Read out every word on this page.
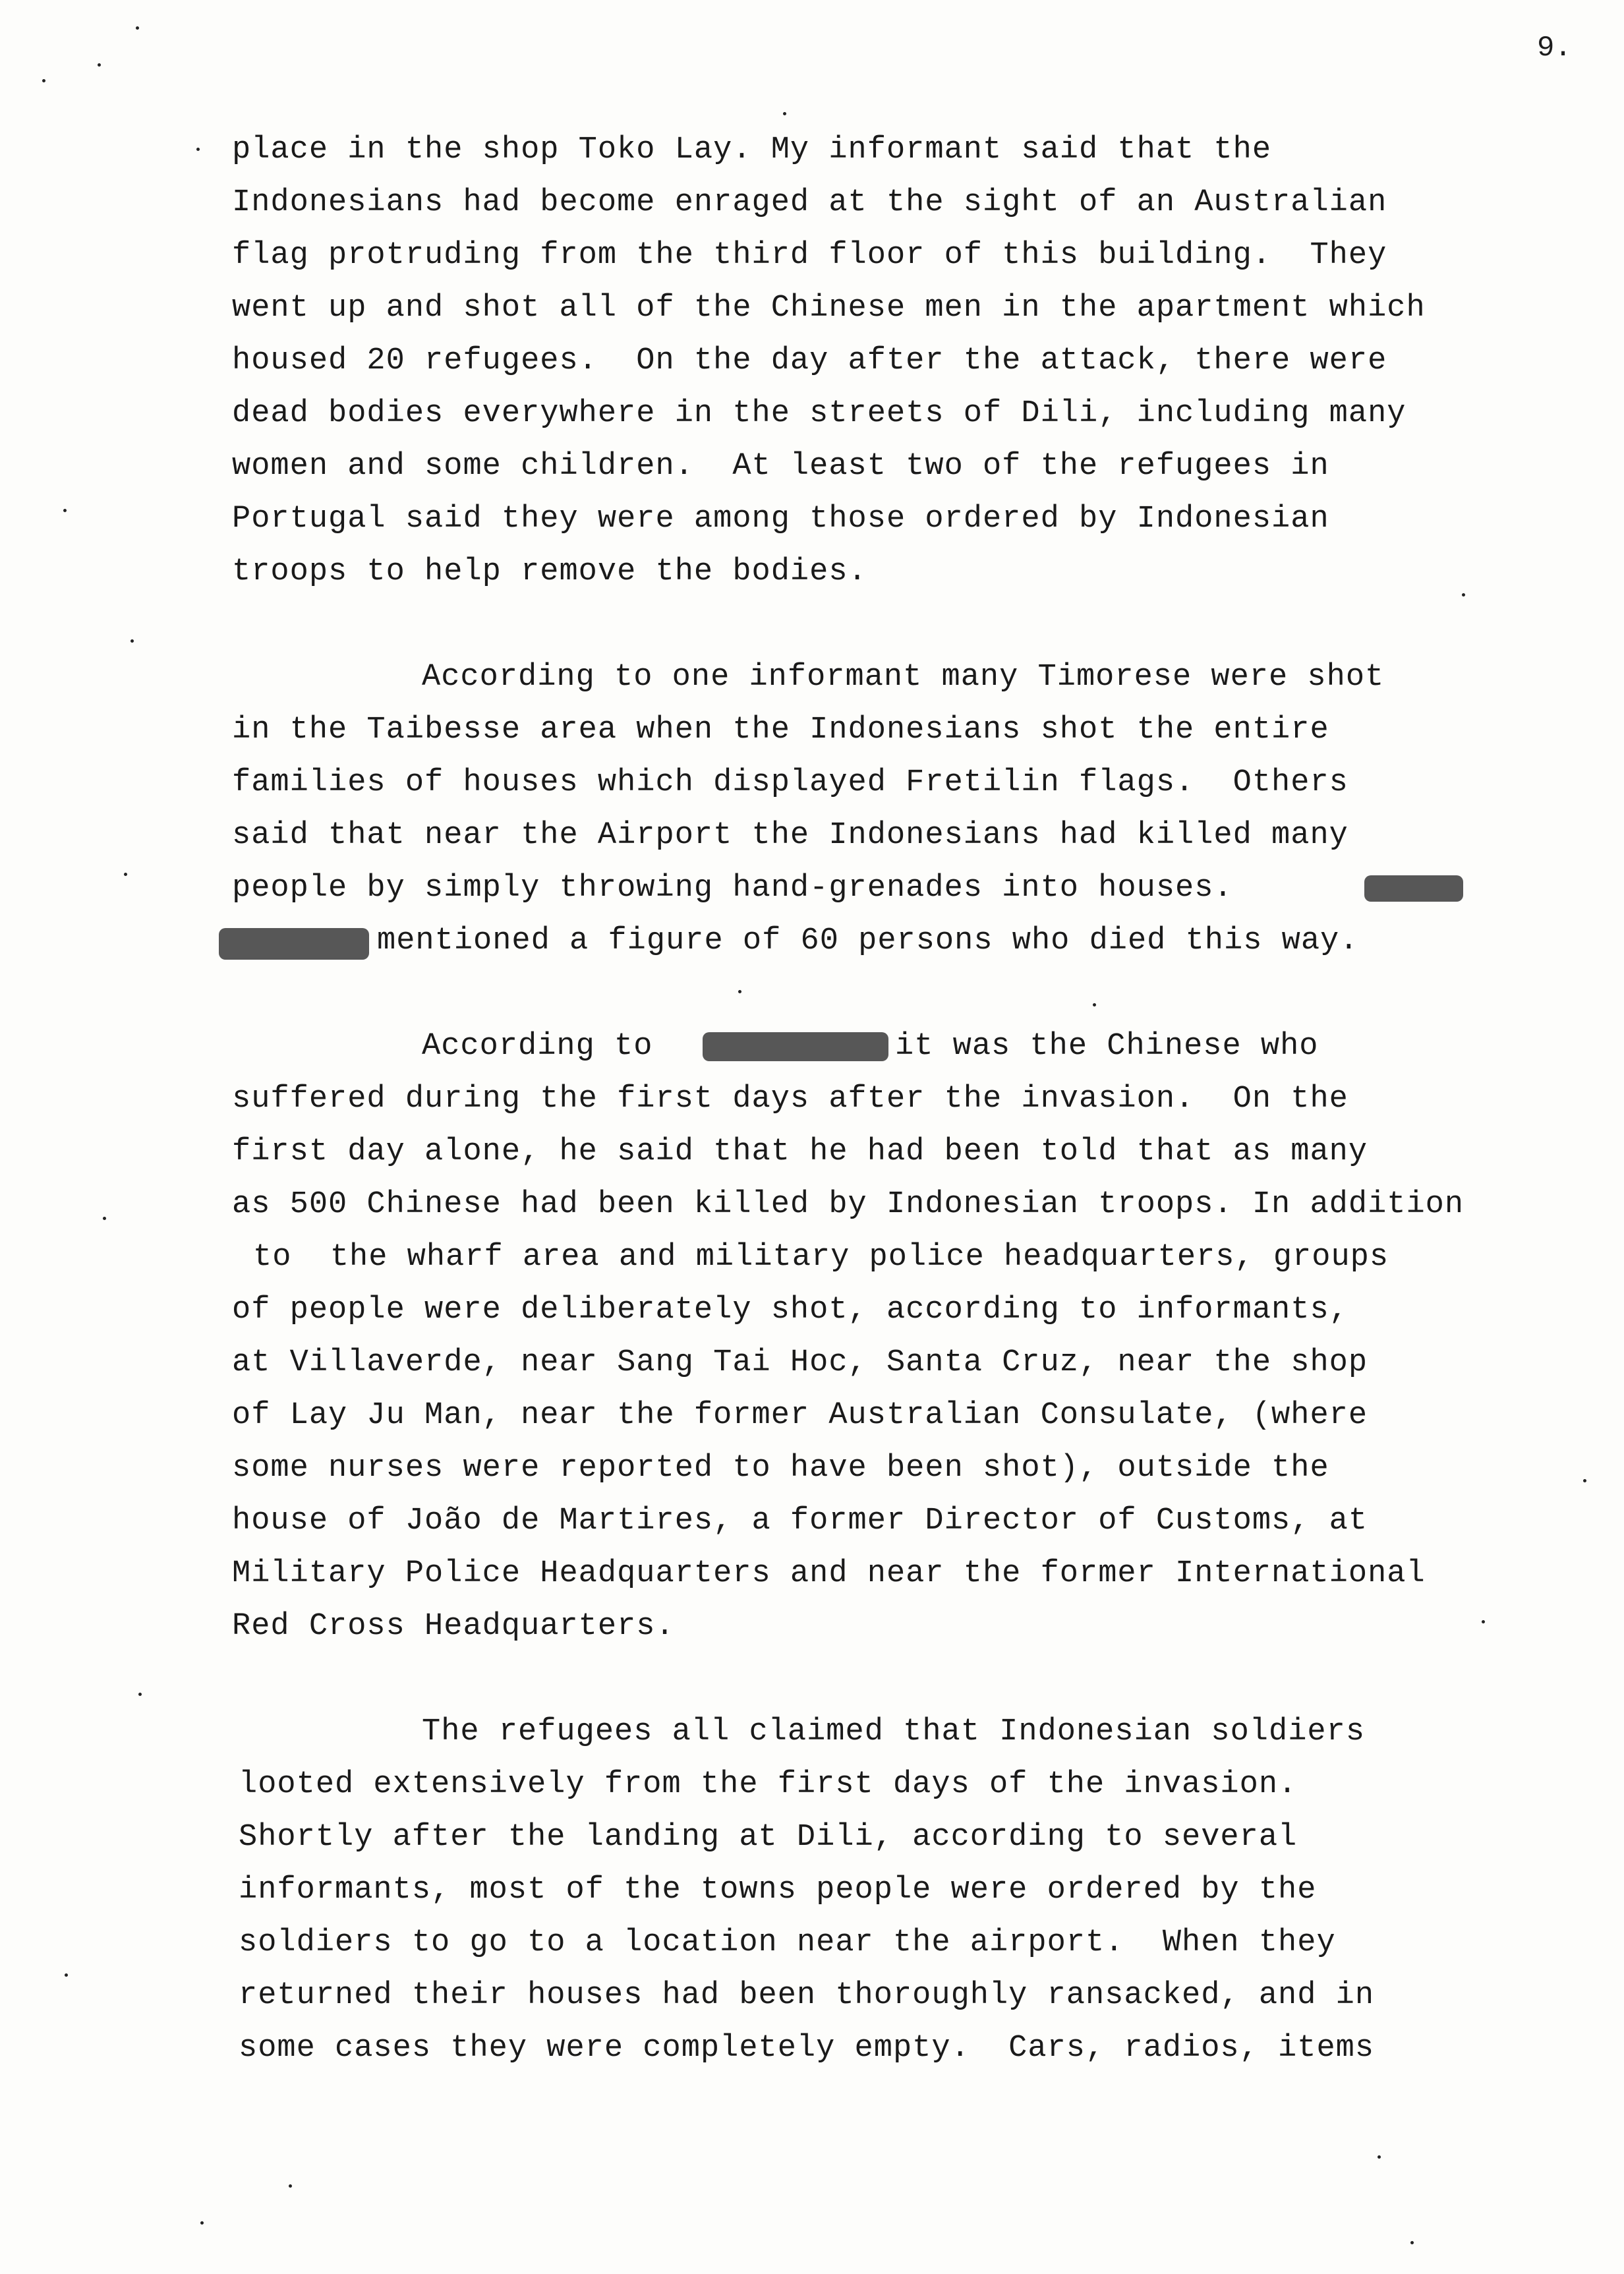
9.
place in the shop Toko Lay. My informant said that the
Indonesians had become enraged at the sight of an Australian
flag protruding from the third floor of this building.  They
went up and shot all of the Chinese men in the apartment which
housed 20 refugees.  On the day after the attack, there were
dead bodies everywhere in the streets of Dili, including many
women and some children.  At least two of the refugees in
Portugal said they were among those ordered by Indonesian
troops to help remove the bodies.
According to one informant many Timorese were shot
in the Taibesse area when the Indonesians shot the entire
families of houses which displayed Fretilin flags.  Others
said that near the Airport the Indonesians had killed many
people by simply throwing hand-grenades into houses.
mentioned a figure of 60 persons who died this way.
According to	it was the Chinese who
suffered during the first days after the invasion.  On the
first day alone, he said that he had been told that as many
as 500 Chinese had been killed by Indonesian troops. In addition
to  the wharf area and military police headquarters, groups
of people were deliberately shot, according to informants,
at Villaverde, near Sang Tai Hoc, Santa Cruz, near the shop
of Lay Ju Man, near the former Australian Consulate, (where
some nurses were reported to have been shot), outside the
house of João de Martires, a former Director of Customs, at
Military Police Headquarters and near the former International
Red Cross Headquarters.
The refugees all claimed that Indonesian soldiers
looted extensively from the first days of the invasion.
Shortly after the landing at Dili, according to several
informants, most of the towns people were ordered by the
soldiers to go to a location near the airport.  When they
returned their houses had been thoroughly ransacked, and in
some cases they were completely empty.  Cars, radios, items
